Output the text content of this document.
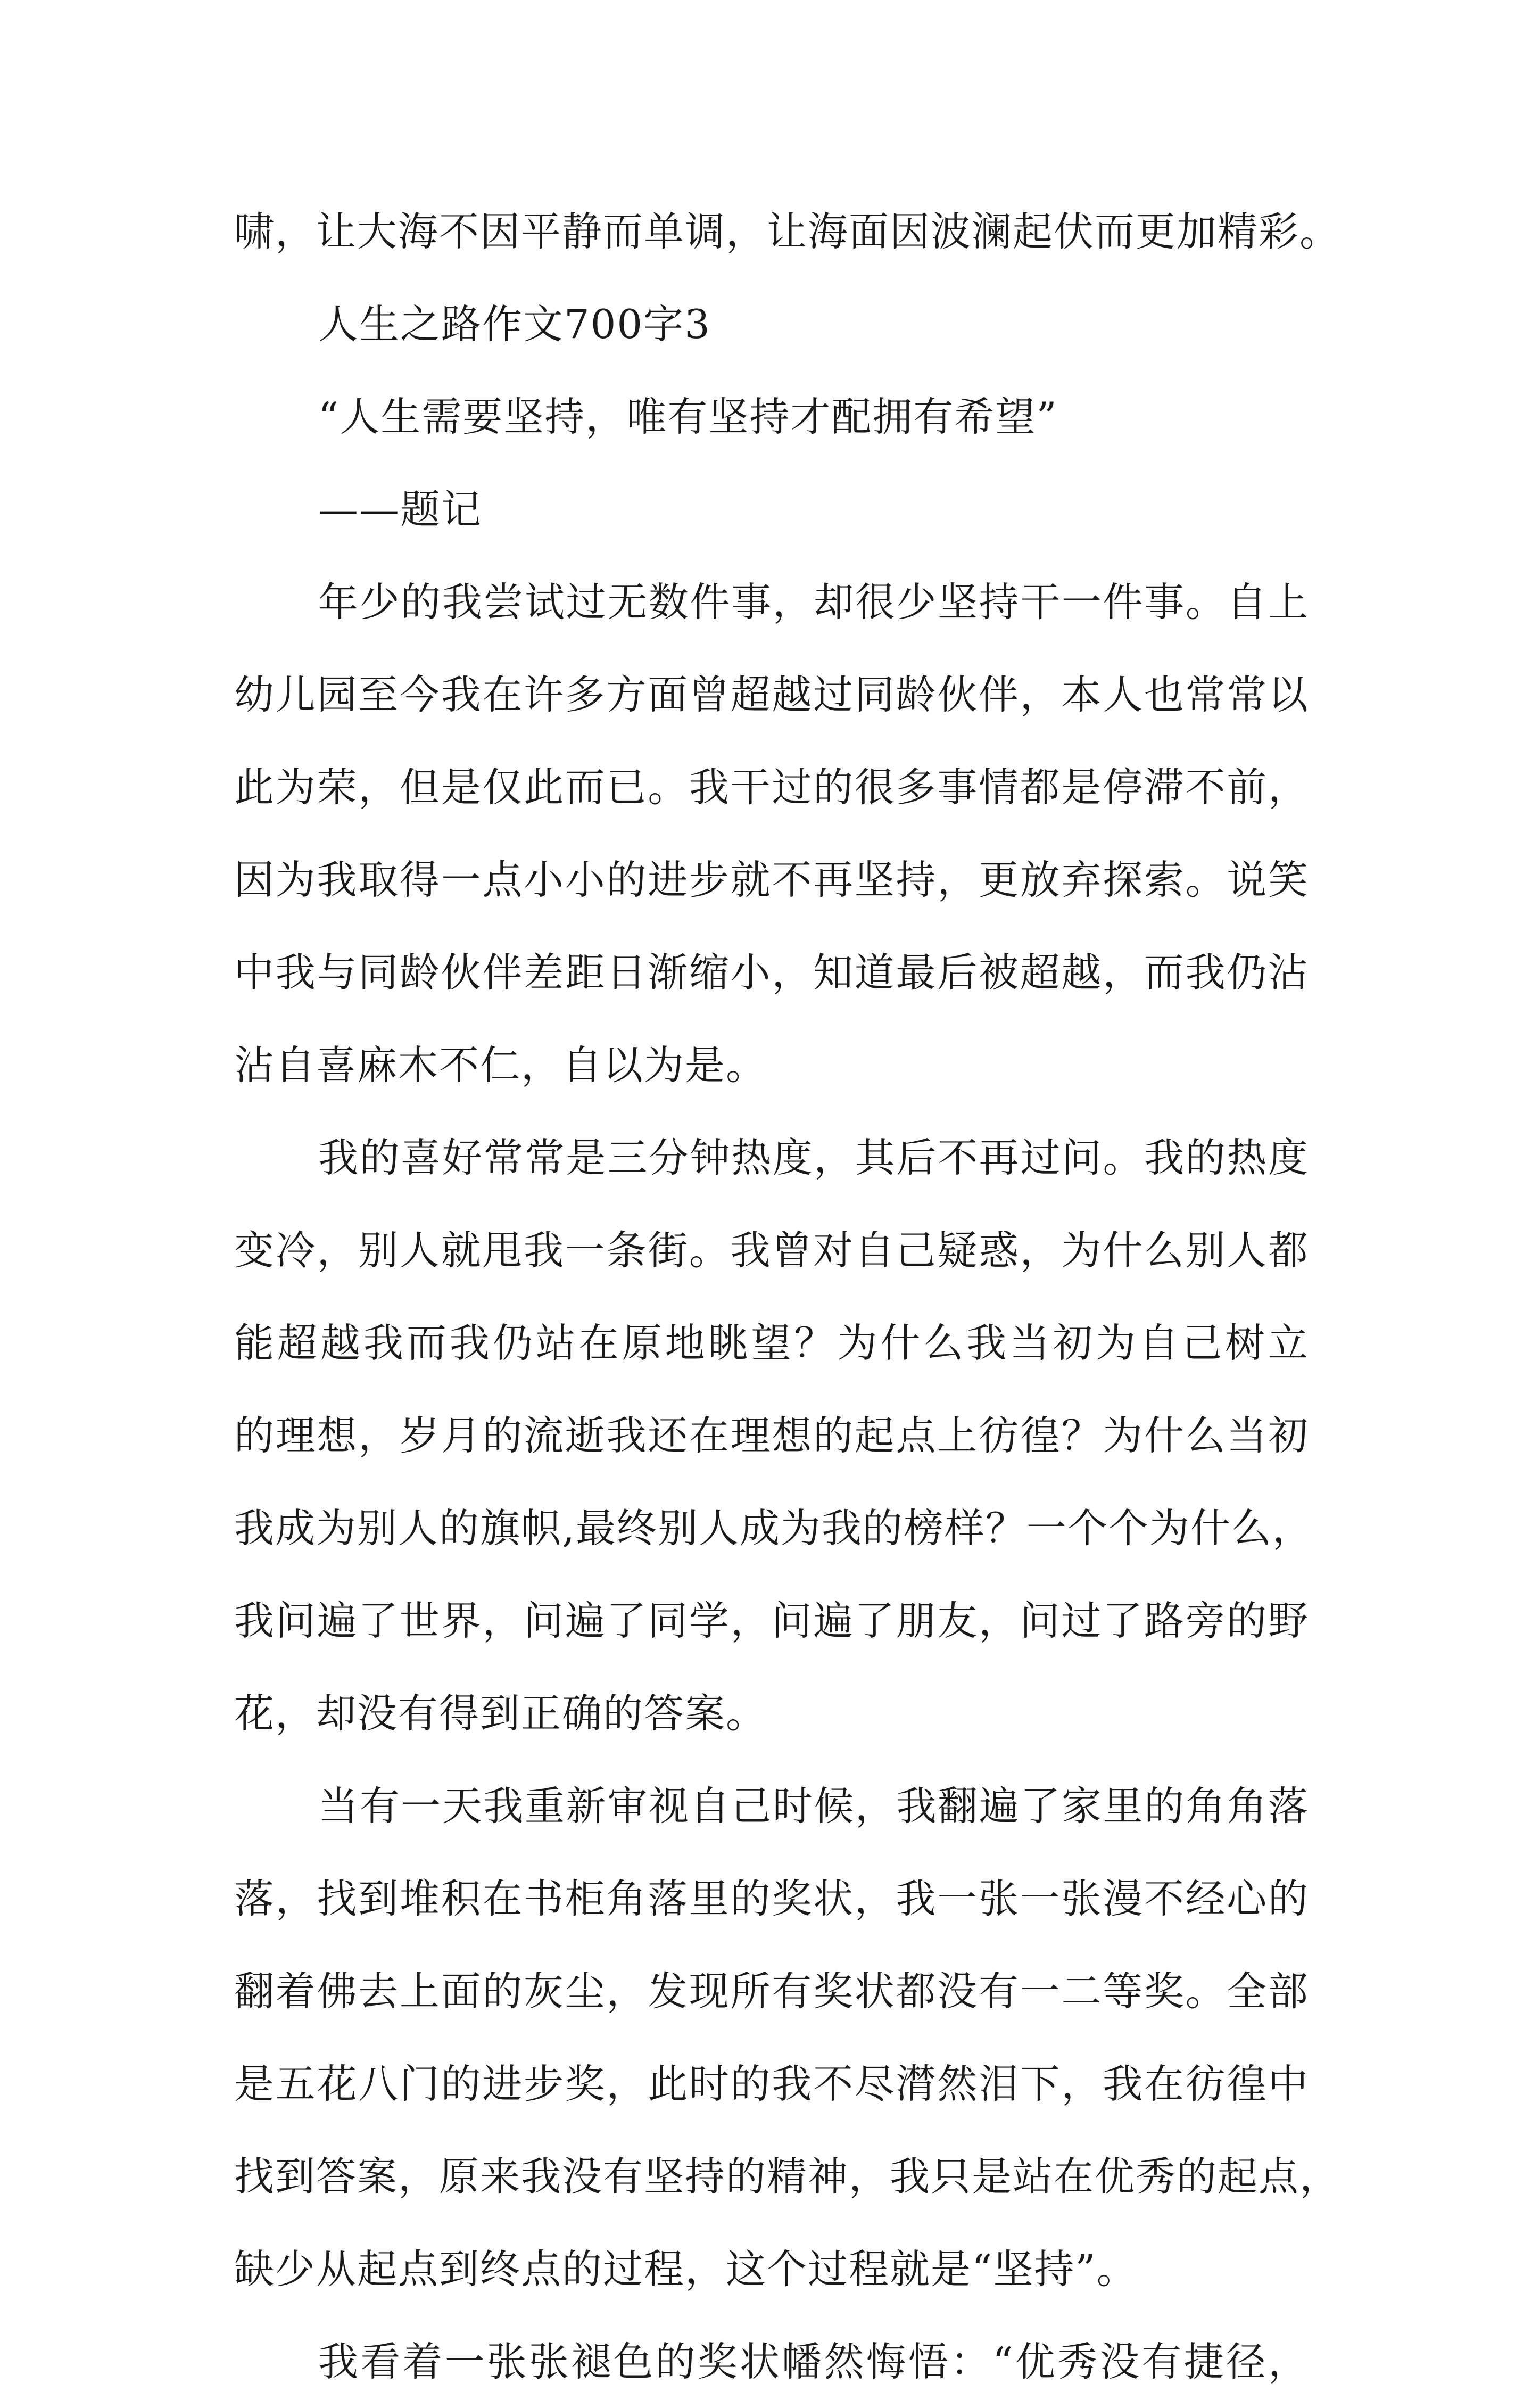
啸，让大海不因平静而单调，让海面因波澜起伏而更加精彩。
人生之路作文700字3
“人生需要坚持，唯有坚持才配拥有希望”
——题记
年少的我尝试过无数件事，却很少坚持干一件事。自上
幼儿园至今我在许多方面曾超越过同龄伙伴，本人也常常以
此为荣，但是仅此而已。我干过的很多事情都是停滞不前，
因为我取得一点小小的进步就不再坚持，更放弃探索。说笑
中我与同龄伙伴差距日渐缩小，知道最后被超越，而我仍沾
沾自喜麻木不仁，自以为是。
我的喜好常常是三分钟热度，其后不再过问。我的热度
变冷，别人就甩我一条街。我曾对自己疑惑，为什么别人都
能超越我而我仍站在原地眺望？为什么我当初为自己树立
的理想，岁月的流逝我还在理想的起点上彷徨？为什么当初
我成为别人的旗帜,最终别人成为我的榜样？一个个为什么，
我问遍了世界，问遍了同学，问遍了朋友，问过了路旁的野
花，却没有得到正确的答案。
当有一天我重新审视自己时候，我翻遍了家里的角角落
落，找到堆积在书柜角落里的奖状，我一张一张漫不经心的
翻着佛去上面的灰尘，发现所有奖状都没有一二等奖。全部
是五花八门的进步奖，此时的我不尽潸然泪下，我在彷徨中
找到答案，原来我没有坚持的精神，我只是站在优秀的起点，
缺少从起点到终点的过程，这个过程就是“坚持”。
我看着一张张褪色的奖状幡然悔悟：“优秀没有捷径，
